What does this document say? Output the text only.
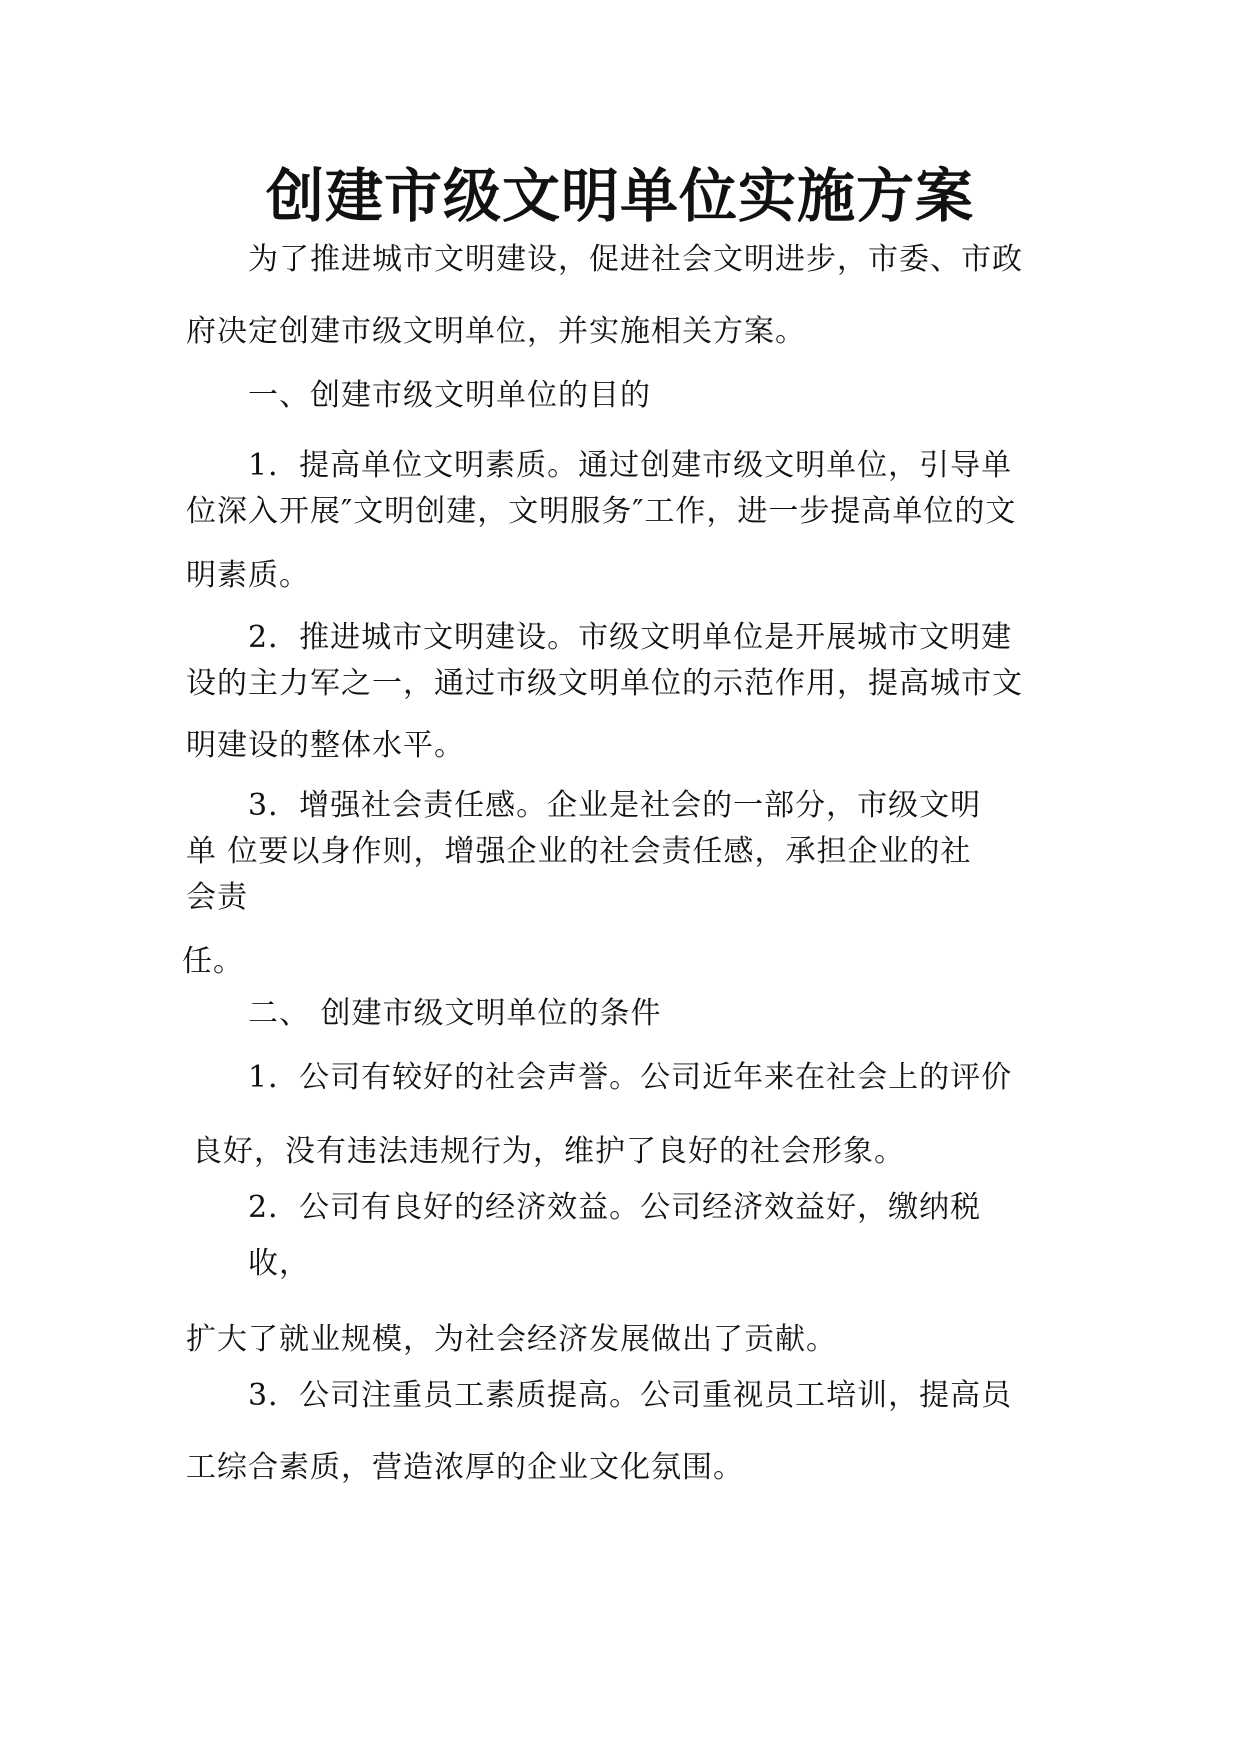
创建市级文明单位实施方案
为了推进城市文明建设，促进社会文明进步，市委、市政
府决定创建市级文明单位，并实施相关方案。
一、创建市级文明单位的目的
1．提高单位文明素质。通过创建市级文明单位，引导单
位深入开展″文明创建，文明服务″工作，进一步提高单位的文
明素质。
2．推进城市文明建设。市级文明单位是开展城市文明建
设的主力军之一，通过市级文明单位的示范作用，提高城市文
明建设的整体水平。
3．增强社会责任感。企业是社会的一部分，市级文明
单 位要以身作则，增强企业的社会责任感，承担企业的社
会责
任。
二、 创建市级文明单位的条件
1．公司有较好的社会声誉。公司近年来在社会上的评价
良好，没有违法违规行为，维护了良好的社会形象。
2．公司有良好的经济效益。公司经济效益好，缴纳税
收，
扩大了就业规模，为社会经济发展做出了贡献。
3．公司注重员工素质提高。公司重视员工培训，提高员
工综合素质，营造浓厚的企业文化氛围。
